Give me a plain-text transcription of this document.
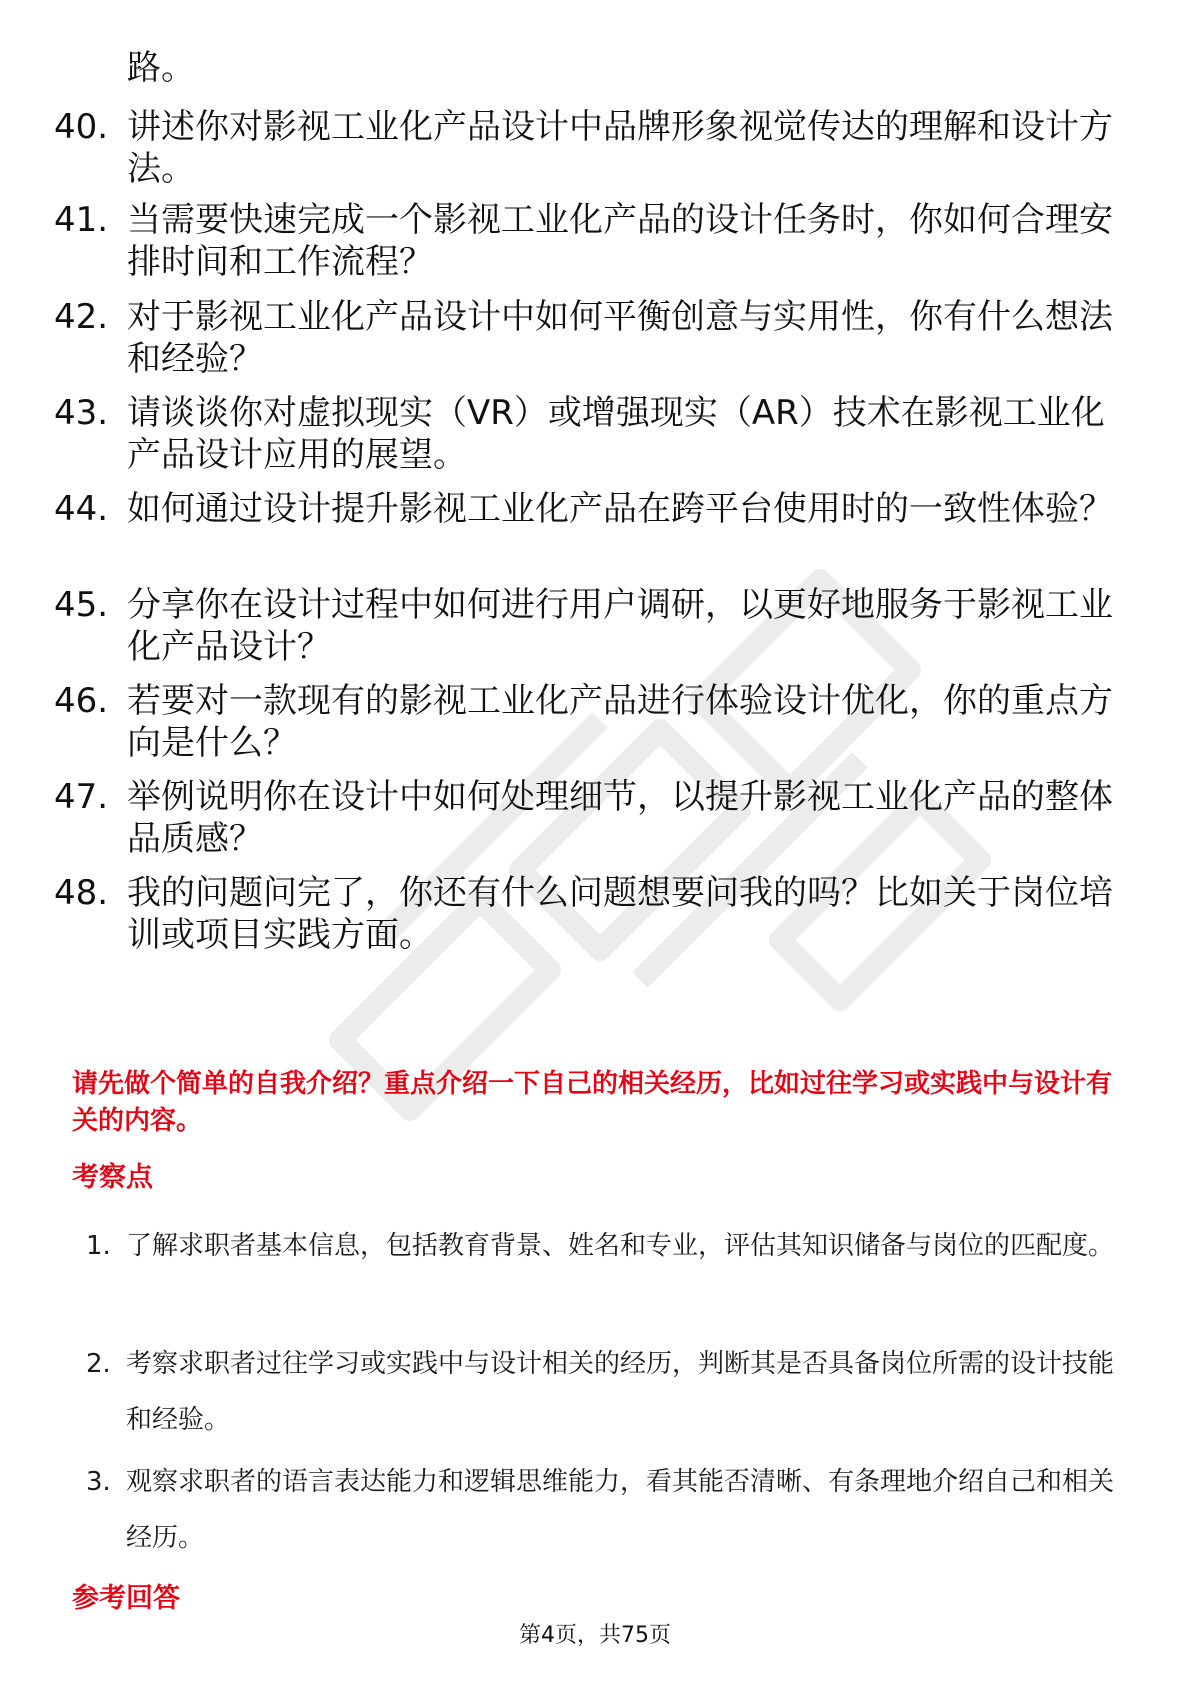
路。
40. 讲述你对影视工业化产品设计中品牌形象视觉传达的理解和设计方法。
41. 当需要快速完成一个影视工业化产品的设计任务时，你如何合理安排时间和工作流程？
42. 对于影视工业化产品设计中如何平衡创意与实用性，你有什么想法和经验？
43. 请谈谈你对虚拟现实（VR）或增强现实（AR）技术在影视工业化产品设计应用的展望。
44. 如何通过设计提升影视工业化产品在跨平台使用时的一致性体验？
45. 分享你在设计过程中如何进行用户调研，以更好地服务于影视工业化产品设计？
46. 若要对一款现有的影视工业化产品进行体验设计优化，你的重点方向是什么？
47. 举例说明你在设计中如何处理细节，以提升影视工业化产品的整体品质感？
48. 我的问题问完了，你还有什么问题想要问我的吗？比如关于岗位培训或项目实践方面。
请先做个简单的自我介绍？重点介绍一下自己的相关经历，比如过往学习或实践中与设计有关的内容。
考察点
1. 了解求职者基本信息，包括教育背景、姓名和专业，评估其知识储备与岗位的匹配度。
2. 考察求职者过往学习或实践中与设计相关的经历，判断其是否具备岗位所需的设计技能和经验。
3. 观察求职者的语言表达能力和逻辑思维能力，看其能否清晰、有条理地介绍自己和相关经历。
参考回答
第4页，共75页
